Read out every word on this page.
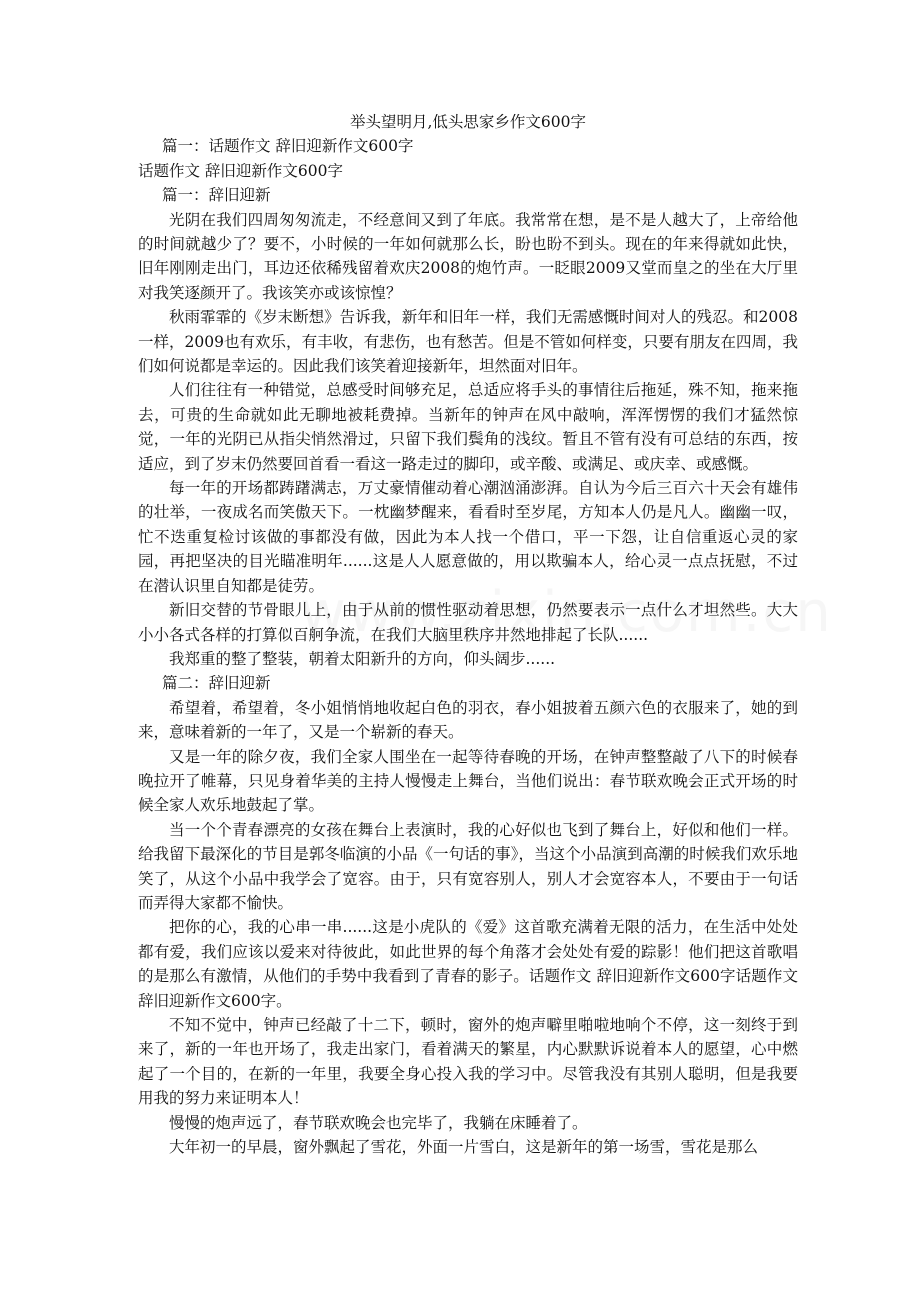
举头望明月,低头思家乡作文600字

篇一：话题作文 辞旧迎新作文600字

话题作文 辞旧迎新作文600字

篇一：辞旧迎新

光阴在我们四周匆匆流走，不经意间又到了年底。我常常在想，是不是人越大了，上帝给他的时间就越少了？要不，小时候的一年如何就那么长，盼也盼不到头。现在的年来得就如此快，旧年刚刚走出门，耳边还依稀残留着欢庆2008的炮竹声。一眨眼2009又堂而皇之的坐在大厅里对我笑逐颜开了。我该笑亦或该惊惶？

秋雨霏霏的《岁末断想》告诉我，新年和旧年一样，我们无需感慨时间对人的残忍。和2008一样，2009也有欢乐，有丰收，有悲伤，也有愁苦。但是不管如何样变，只要有朋友在四周，我们如何说都是幸运的。因此我们该笑着迎接新年，坦然面对旧年。

人们往往有一种错觉，总感受时间够充足，总适应将手头的事情往后拖延，殊不知，拖来拖去，可贵的生命就如此无聊地被耗费掉。当新年的钟声在风中敲响，浑浑愣愣的我们才猛然惊觉，一年的光阴已从指尖悄然滑过，只留下我们鬓角的浅纹。暂且不管有没有可总结的东西，按适应，到了岁末仍然要回首看一看这一路走过的脚印，或辛酸、或满足、或庆幸、或感慨。

每一年的开场都踌躇满志，万丈豪情催动着心潮汹涌澎湃。自认为今后三百六十天会有雄伟的壮举，一夜成名而笑傲天下。一枕幽梦醒来，看看时至岁尾，方知本人仍是凡人。幽幽一叹，忙不迭重复检讨该做的事都没有做，因此为本人找一个借口，平一下怨，让自信重返心灵的家园，再把坚决的目光瞄准明年......这是人人愿意做的，用以欺骗本人，给心灵一点点抚慰，不过在潜认识里自知都是徒劳。

新旧交替的节骨眼儿上，由于从前的惯性驱动着思想，仍然要表示一点什么才坦然些。大大小小各式各样的打算似百舸争流，在我们大脑里秩序井然地排起了长队......

我郑重的整了整装，朝着太阳新升的方向，仰头阔步......

篇二：辞旧迎新

希望着，希望着，冬小姐悄悄地收起白色的羽衣，春小姐披着五颜六色的衣服来了，她的到来，意味着新的一年了，又是一个崭新的春天。

又是一年的除夕夜，我们全家人围坐在一起等待春晚的开场，在钟声整整敲了八下的时候春晚拉开了帷幕，只见身着华美的主持人慢慢走上舞台，当他们说出：春节联欢晚会正式开场的时候全家人欢乐地鼓起了掌。

当一个个青春漂亮的女孩在舞台上表演时，我的心好似也飞到了舞台上，好似和他们一样。给我留下最深化的节目是郭冬临演的小品《一句话的事》，当这个小品演到高潮的时候我们欢乐地笑了，从这个小品中我学会了宽容。由于，只有宽容别人，别人才会宽容本人，不要由于一句话而弄得大家都不愉快。

把你的心，我的心串一串......这是小虎队的《爱》这首歌充满着无限的活力，在生活中处处都有爱，我们应该以爱来对待彼此，如此世界的每个角落才会处处有爱的踪影！他们把这首歌唱的是那么有激情，从他们的手势中我看到了青春的影子。话题作文 辞旧迎新作文600字话题作文 辞旧迎新作文600字。

不知不觉中，钟声已经敲了十二下，顿时，窗外的炮声噼里啪啦地响个不停，这一刻终于到来了，新的一年也开场了，我走出家门，看着满天的繁星，内心默默诉说着本人的愿望，心中燃起了一个目的，在新的一年里，我要全身心投入我的学习中。尽管我没有其别人聪明，但是我要用我的努力来证明本人！

慢慢的炮声远了，春节联欢晚会也完毕了，我躺在床睡着了。

大年初一的早晨，窗外飘起了雪花，外面一片雪白，这是新年的第一场雪，雪花是那么
